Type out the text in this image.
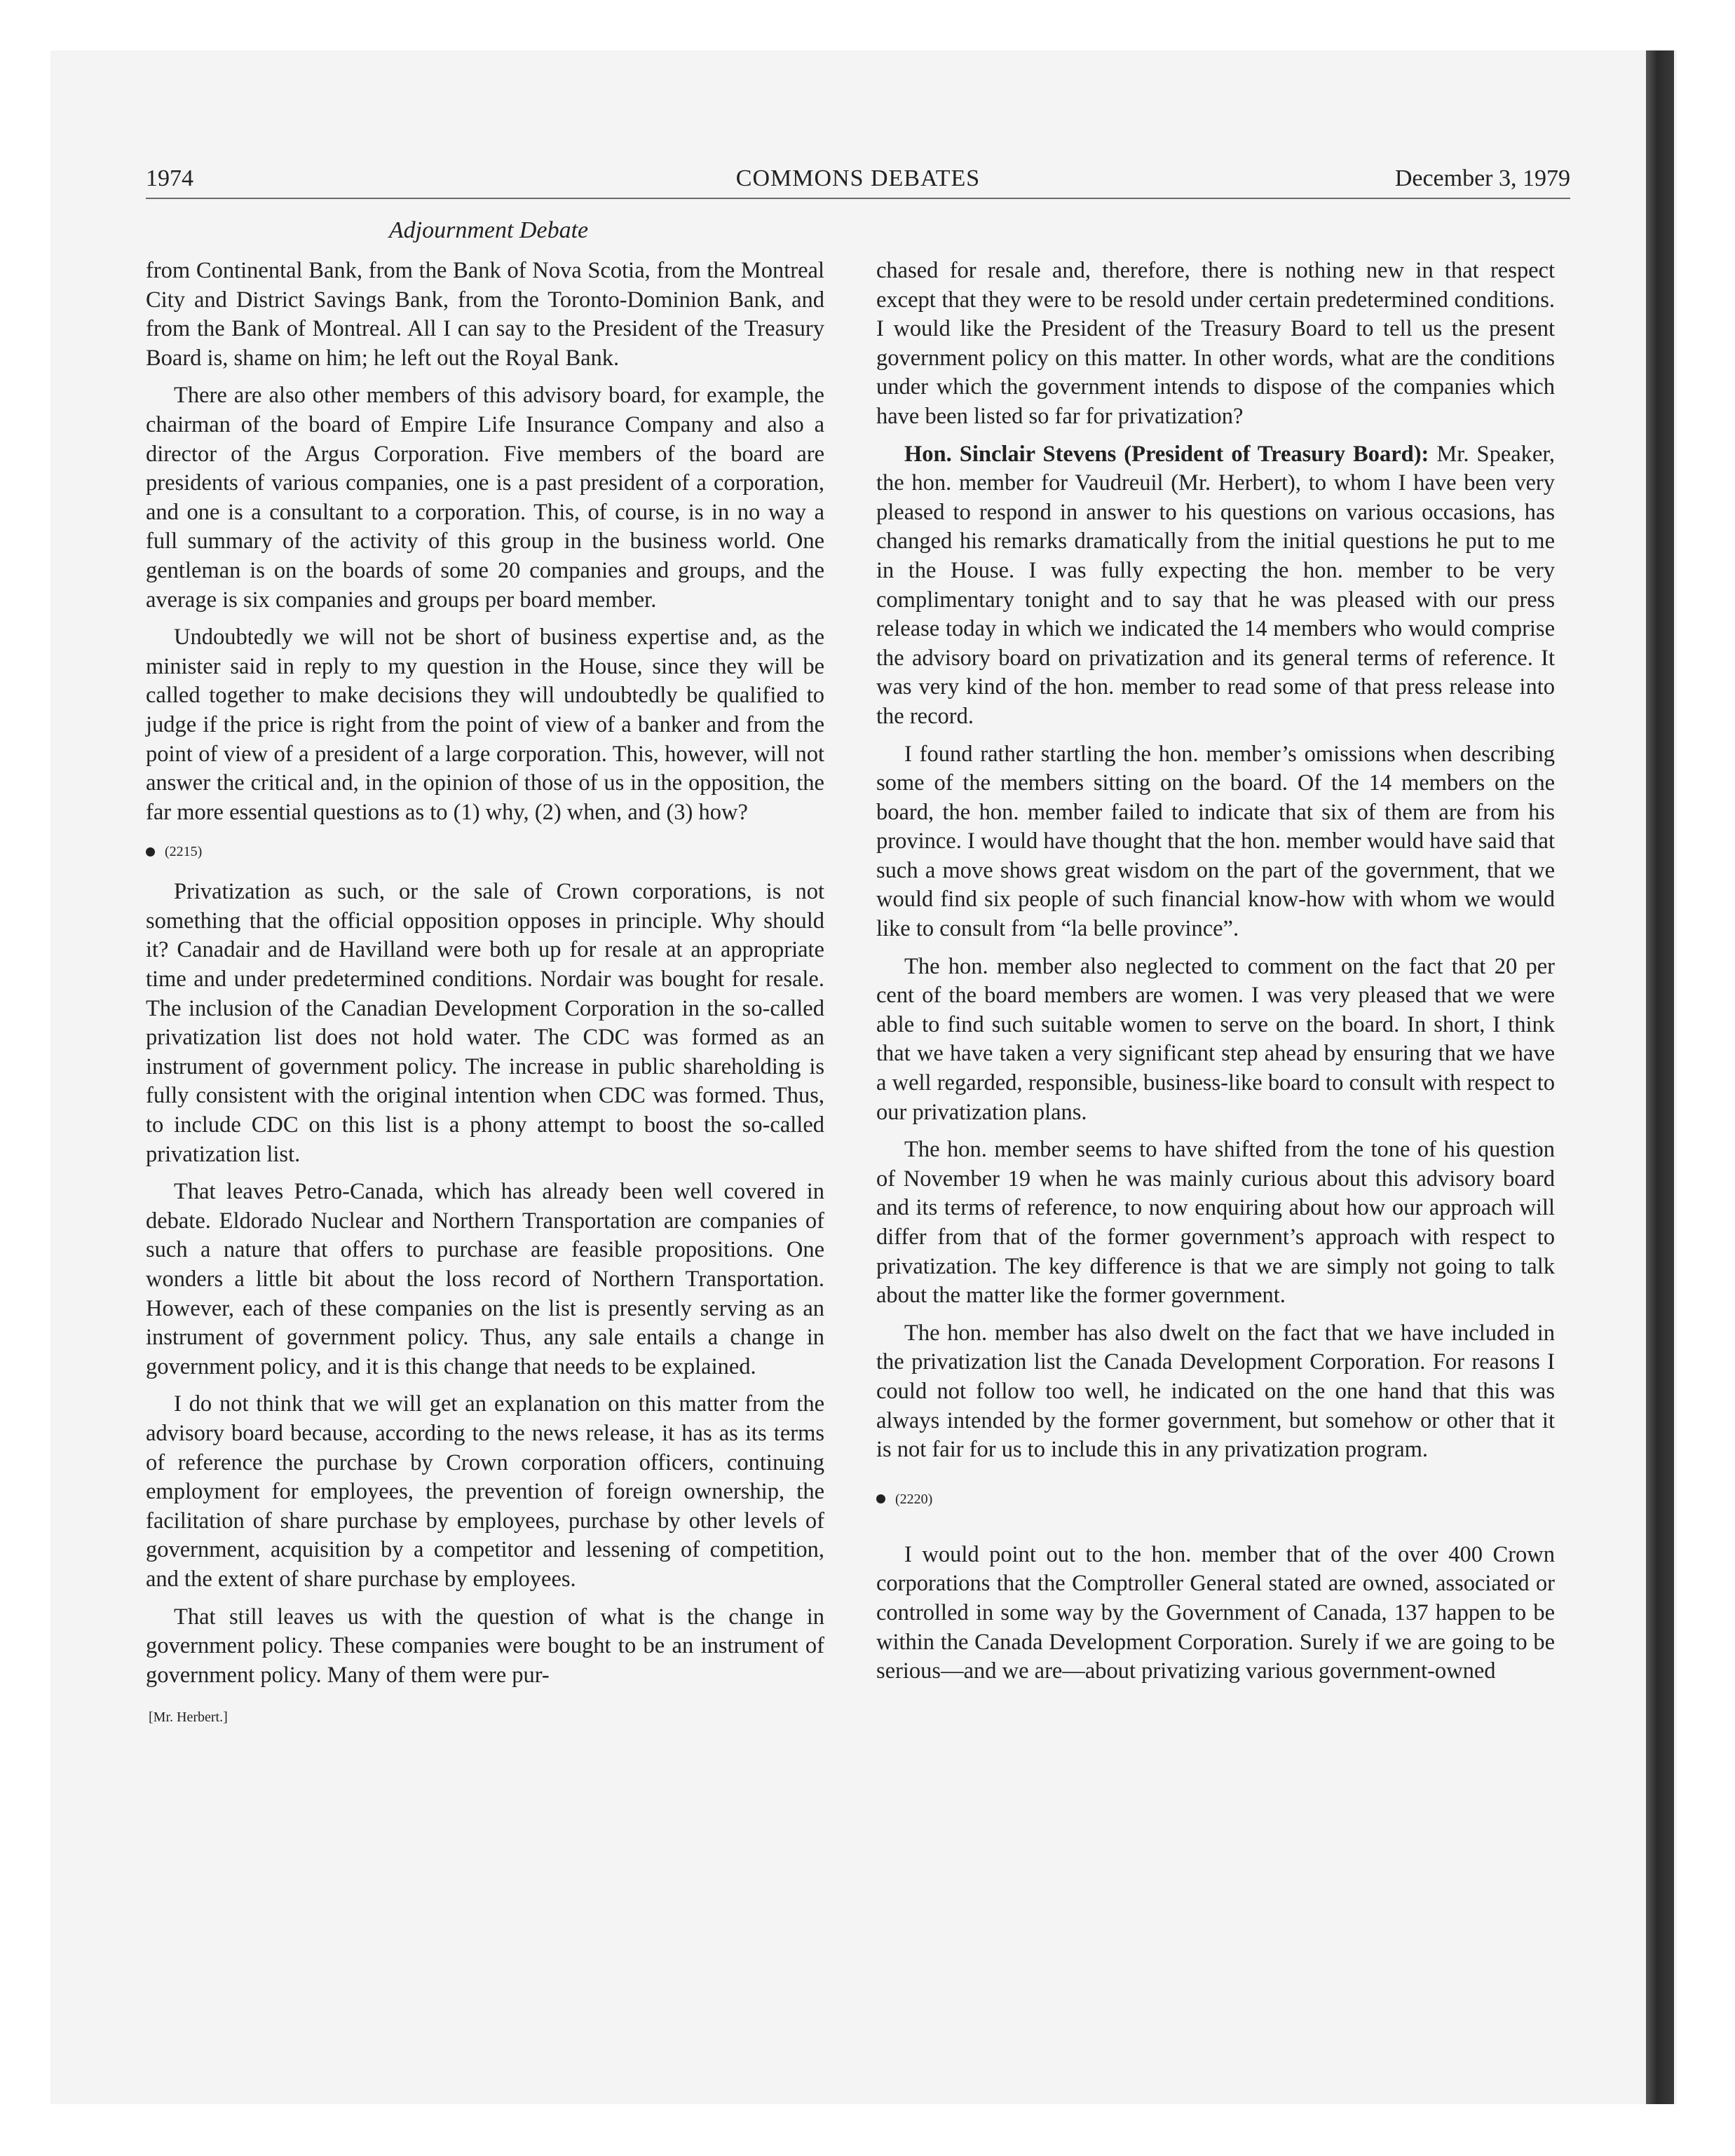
1974	COMMONS DEBATES	December 3, 1979
Adjournment Debate

from Continental Bank, from the Bank of Nova Scotia, from the Montreal City and District Savings Bank, from the Toronto-Dominion Bank, and from the Bank of Montreal. All I can say to the President of the Treasury Board is, shame on him; he left out the Royal Bank.

There are also other members of this advisory board, for example, the chairman of the board of Empire Life Insurance Company and also a director of the Argus Corporation. Five members of the board are presidents of various companies, one is a past president of a corporation, and one is a consultant to a corporation. This, of course, is in no way a full summary of the activity of this group in the business world. One gentleman is on the boards of some 20 companies and groups, and the average is six companies and groups per board member.

Undoubtedly we will not be short of business expertise and, as the minister said in reply to my question in the House, since they will be called together to make decisions they will undoubtedly be qualified to judge if the price is right from the point of view of a banker and from the point of view of a president of a large corporation. This, however, will not answer the critical and, in the opinion of those of us in the opposition, the far more essential questions as to (1) why, (2) when, and (3) how?

(2215)

Privatization as such, or the sale of Crown corporations, is not something that the official opposition opposes in principle. Why should it? Canadair and de Havilland were both up for resale at an appropriate time and under predetermined conditions. Nordair was bought for resale. The inclusion of the Canadian Development Corporation in the so-called privatization list does not hold water. The CDC was formed as an instrument of government policy. The increase in public shareholding is fully consistent with the original intention when CDC was formed. Thus, to include CDC on this list is a phony attempt to boost the so-called privatization list.

That leaves Petro-Canada, which has already been well covered in debate. Eldorado Nuclear and Northern Transportation are companies of such a nature that offers to purchase are feasible propositions. One wonders a little bit about the loss record of Northern Transportation. However, each of these companies on the list is presently serving as an instrument of government policy. Thus, any sale entails a change in government policy, and it is this change that needs to be explained.

I do not think that we will get an explanation on this matter from the advisory board because, according to the news release, it has as its terms of reference the purchase by Crown corporation officers, continuing employment for employees, the prevention of foreign ownership, the facilitation of share purchase by employees, purchase by other levels of government, acquisition by a competitor and lessening of competition, and the extent of share purchase by employees.

That still leaves us with the question of what is the change in government policy. These companies were bought to be an instrument of government policy. Many of them were pur-

[Mr. Herbert.]

chased for resale and, therefore, there is nothing new in that respect except that they were to be resold under certain predetermined conditions. I would like the President of the Treasury Board to tell us the present government policy on this matter. In other words, what are the conditions under which the government intends to dispose of the companies which have been listed so far for privatization?

Hon. Sinclair Stevens (President of Treasury Board): Mr. Speaker, the hon. member for Vaudreuil (Mr. Herbert), to whom I have been very pleased to respond in answer to his questions on various occasions, has changed his remarks dramatically from the initial questions he put to me in the House. I was fully expecting the hon. member to be very complimentary tonight and to say that he was pleased with our press release today in which we indicated the 14 members who would comprise the advisory board on privatization and its general terms of reference. It was very kind of the hon. member to read some of that press release into the record.

I found rather startling the hon. member’s omissions when describing some of the members sitting on the board. Of the 14 members on the board, the hon. member failed to indicate that six of them are from his province. I would have thought that the hon. member would have said that such a move shows great wisdom on the part of the government, that we would find six people of such financial know-how with whom we would like to consult from “la belle province”.

The hon. member also neglected to comment on the fact that 20 per cent of the board members are women. I was very pleased that we were able to find such suitable women to serve on the board. In short, I think that we have taken a very significant step ahead by ensuring that we have a well regarded, responsible, business-like board to consult with respect to our privatization plans.

The hon. member seems to have shifted from the tone of his question of November 19 when he was mainly curious about this advisory board and its terms of reference, to now enquiring about how our approach will differ from that of the former government’s approach with respect to privatization. The key difference is that we are simply not going to talk about the matter like the former government.

The hon. member has also dwelt on the fact that we have included in the privatization list the Canada Development Corporation. For reasons I could not follow too well, he indicated on the one hand that this was always intended by the former government, but somehow or other that it is not fair for us to include this in any privatization program.

(2220)

I would point out to the hon. member that of the over 400 Crown corporations that the Comptroller General stated are owned, associated or controlled in some way by the Government of Canada, 137 happen to be within the Canada Development Corporation. Surely if we are going to be serious—and we are—about privatizing various government-owned
